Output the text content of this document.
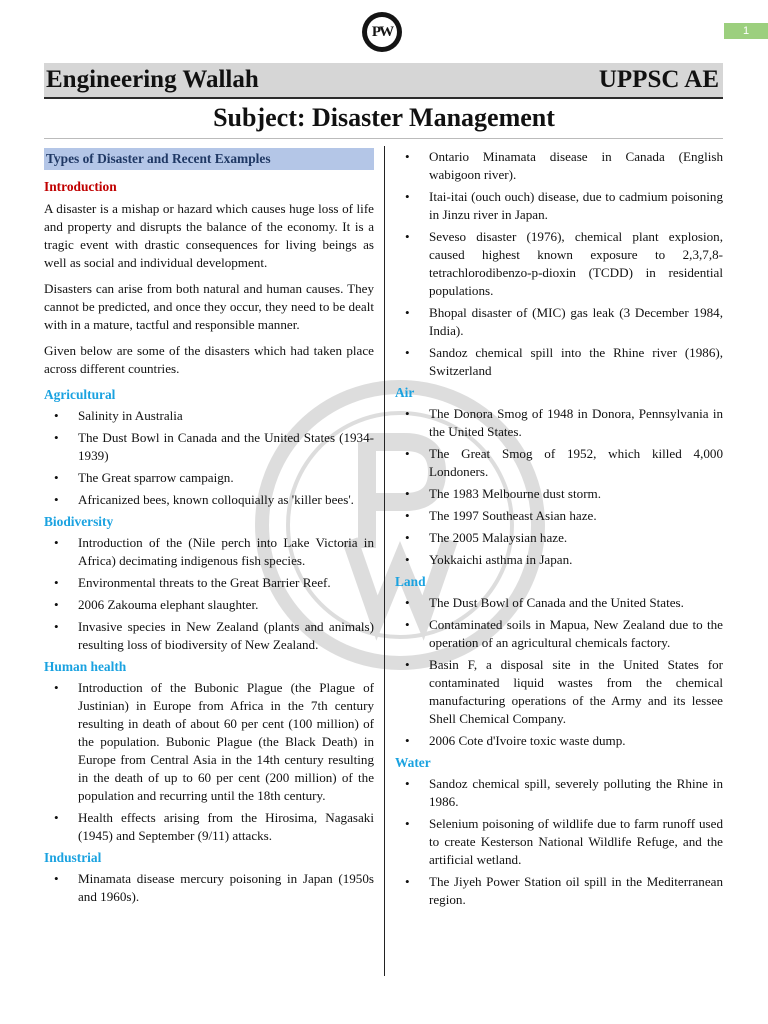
PW	1
Engineering Wallah	UPPSC AE
Subject: Disaster Management
Types of Disaster and Recent Examples
Introduction

A disaster is a mishap or hazard which causes huge loss of life and property and disrupts the balance of the economy. It is a tragic event with drastic consequences for living beings as well as social and individual development.

Disasters can arise from both natural and human causes. They cannot be predicted, and once they occur, they need to be dealt with in a mature, tactful and responsible manner.

Given below are some of the disasters which had taken place across different countries.

Agricultural
• Salinity in Australia
• The Dust Bowl in Canada and the United States (1934-1939)
• The Great sparrow campaign.
• Africanized bees, known colloquially as 'killer bees'.
Biodiversity
• Introduction of the (Nile perch into Lake Victoria in Africa) decimating indigenous fish species.
• Environmental threats to the Great Barrier Reef.
• 2006 Zakouma elephant slaughter.
• Invasive species in New Zealand (plants and animals) resulting loss of biodiversity of New Zealand.
Human health
• Introduction of the Bubonic Plague (the Plague of Justinian) in Europe from Africa in the 7th century resulting in death of about 60 per cent (100 million) of the population. Bubonic Plague (the Black Death) in Europe from Central Asia in the 14th century resulting in the death of up to 60 per cent (200 million) of the population and recurring until the 18th century.
• Health effects arising from the Hirosima, Nagasaki (1945) and September (9/11) attacks.
Industrial
• Minamata disease mercury poisoning in Japan (1950s and 1960s).
• Ontario Minamata disease in Canada (English wabigoon river).
• Itai-itai (ouch ouch) disease, due to cadmium poisoning in Jinzu river in Japan.
• Seveso disaster (1976), chemical plant explosion, caused highest known exposure to 2,3,7,8-tetrachlorodibenzo-p-dioxin (TCDD) in residential populations.
• Bhopal disaster of (MIC) gas leak (3 December 1984, India).
• Sandoz chemical spill into the Rhine river (1986), Switzerland
Air
• The Donora Smog of 1948 in Donora, Pennsylvania in the United States.
• The Great Smog of 1952, which killed 4,000 Londoners.
• The 1983 Melbourne dust storm.
• The 1997 Southeast Asian haze.
• The 2005 Malaysian haze.
• Yokkaichi asthma in Japan.
Land
• The Dust Bowl of Canada and the United States.
• Contaminated soils in Mapua, New Zealand due to the operation of an agricultural chemicals factory.
• Basin F, a disposal site in the United States for contaminated liquid wastes from the chemical manufacturing operations of the Army and its lessee Shell Chemical Company.
• 2006 Cote d'Ivoire toxic waste dump.
Water
• Sandoz chemical spill, severely polluting the Rhine in 1986.
• Selenium poisoning of wildlife due to farm runoff used to create Kesterson National Wildlife Refuge, and the artificial wetland.
• The Jiyeh Power Station oil spill in the Mediterranean region.
